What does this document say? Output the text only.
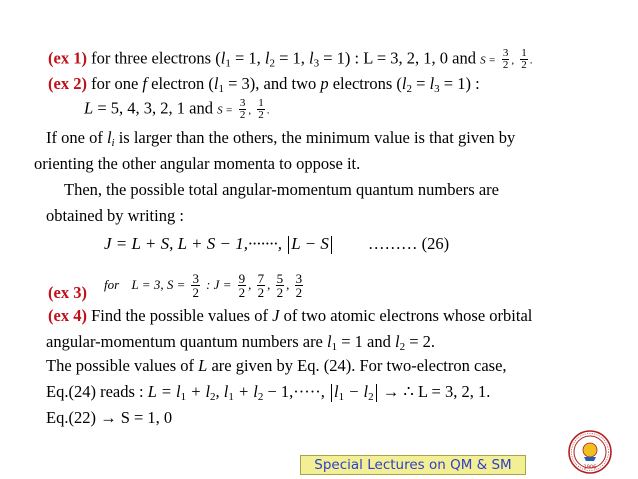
(ex 1) for three electrons ($l_1 = 1$, $l_2 = 1$, $l_3 = 1$) : L = 3, 2, 1, 0 and $S = \frac{3}{2}$ , $\frac{1}{2}$ .
(ex 2) for one f electron $(l_1 = 3)$, and two p electrons $(l_2 = l_3 = 1)$ :
L = 5, 4, 3, 2, 1 and $S = \frac{3}{2}$ , $\frac{1}{2}$ .
If one of $l_i$ is larger than the others, the minimum value is that given by
orienting the other angular momenta to oppose it.
Then, the possible total angular-momentum quantum numbers are
obtained by writing :
J = L + S, L + S − 1,·······, L − S	……… (26)
(ex 3) for L = 3, $S = \frac{3}{2}$ : $J = \frac{9}{2}$ , $\frac{7}{2}$ , $\frac{5}{2}$ , $\frac{3}{2}$
(ex 4) Find the possible values of J of two atomic electrons whose orbital
angular-momentum quantum numbers are $l_1 = 1$ and $l_2 = 2$.
The possible values of L are given by Eq. (24). For two-electron case,
Eq.(24) reads : $L = l_1 + l_2$, $l_1 + l_2 - 1,\cdot\cdot\cdot\cdot\cdot$, $l_1 - l_2$ → ∴ L = 3, 2, 1.
Eq.(22) → S = 1, 0
Special Lectures on QM & SM	1906
